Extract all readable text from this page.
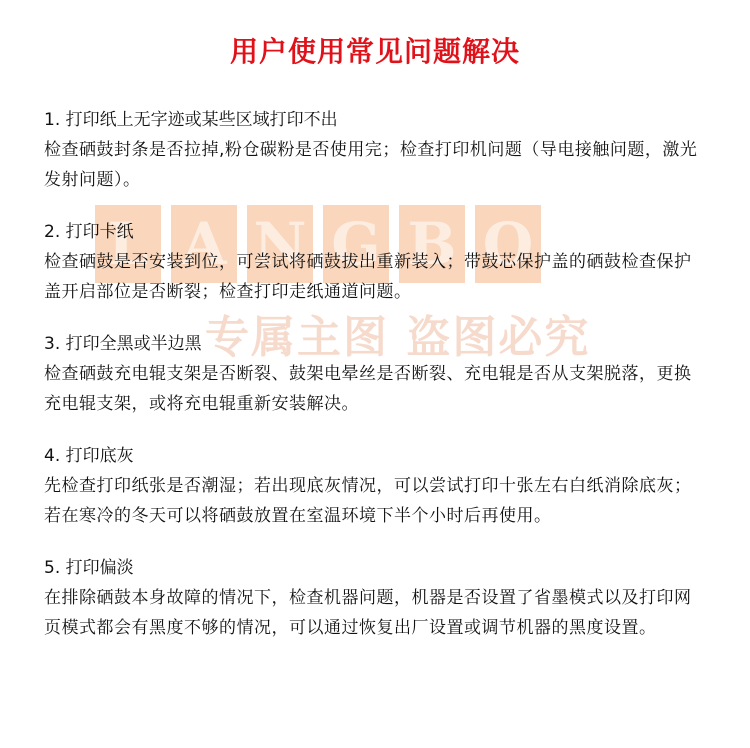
用户使用常见问题解决
L A N G B O
专属主图 盗图必究
1. 打印纸上无字迹或某些区域打印不出
检查硒鼓封条是否拉掉,粉仓碳粉是否使用完；检查打印机问题（导电接触问题，激光发射问题）。
2. 打印卡纸
检查硒鼓是否安装到位，可尝试将硒鼓拔出重新装入；带鼓芯保护盖的硒鼓检查保护盖开启部位是否断裂；检查打印走纸通道问题。
3. 打印全黑或半边黑
检查硒鼓充电辊支架是否断裂、鼓架电晕丝是否断裂、充电辊是否从支架脱落，更换充电辊支架，或将充电辊重新安装解决。
4. 打印底灰
先检查打印纸张是否潮湿；若出现底灰情况，可以尝试打印十张左右白纸消除底灰；若在寒冷的冬天可以将硒鼓放置在室温环境下半个小时后再使用。
5. 打印偏淡
在排除硒鼓本身故障的情况下，检查机器问题，机器是否设置了省墨模式以及打印网页模式都会有黑度不够的情况，可以通过恢复出厂设置或调节机器的黑度设置。
